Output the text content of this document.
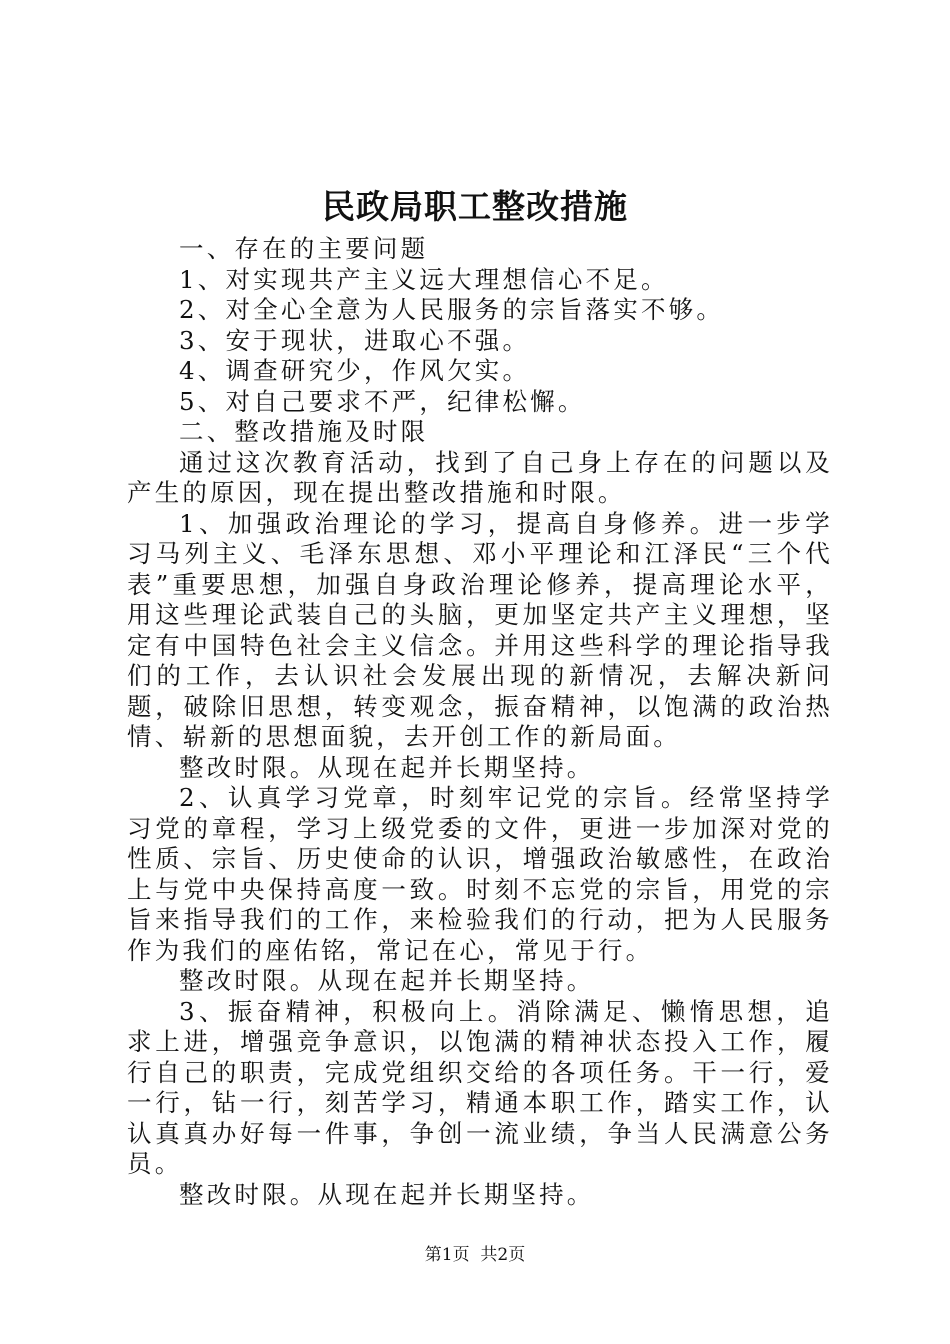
民政局职工整改措施

一、存在的主要问题

1、对实现共产主义远大理想信心不足。

2、对全心全意为人民服务的宗旨落实不够。

3、安于现状，进取心不强。

4、调查研究少，作风欠实。

5、对自己要求不严，纪律松懈。

二、整改措施及时限

通过这次教育活动，找到了自己身上存在的问题以及产生的原因，现在提出整改措施和时限。

1、加强政治理论的学习，提高自身修养。进一步学习马列主义、毛泽东思想、邓小平理论和江泽民“三个代表”重要思想，加强自身政治理论修养，提高理论水平，用这些理论武装自己的头脑，更加坚定共产主义理想，坚定有中国特色社会主义信念。并用这些科学的理论指导我们的工作，去认识社会发展出现的新情况，去解决新问题，破除旧思想，转变观念，振奋精神，以饱满的政治热情、崭新的思想面貌，去开创工作的新局面。

整改时限。从现在起并长期坚持。

2、认真学习党章，时刻牢记党的宗旨。经常坚持学习党的章程，学习上级党委的文件，更进一步加深对党的性质、宗旨、历史使命的认识，增强政治敏感性，在政治上与党中央保持高度一致。时刻不忘党的宗旨，用党的宗旨来指导我们的工作，来检验我们的行动，把为人民服务作为我们的座佑铭，常记在心，常见于行。

整改时限。从现在起并长期坚持。

3、振奋精神，积极向上。消除满足、懒惰思想，追求上进，增强竞争意识，以饱满的精神状态投入工作，履行自己的职责，完成党组织交给的各项任务。干一行，爱一行，钻一行，刻苦学习，精通本职工作，踏实工作，认认真真办好每一件事，争创一流业绩，争当人民满意公务员。

整改时限。从现在起并长期坚持。

第1页  共2页
